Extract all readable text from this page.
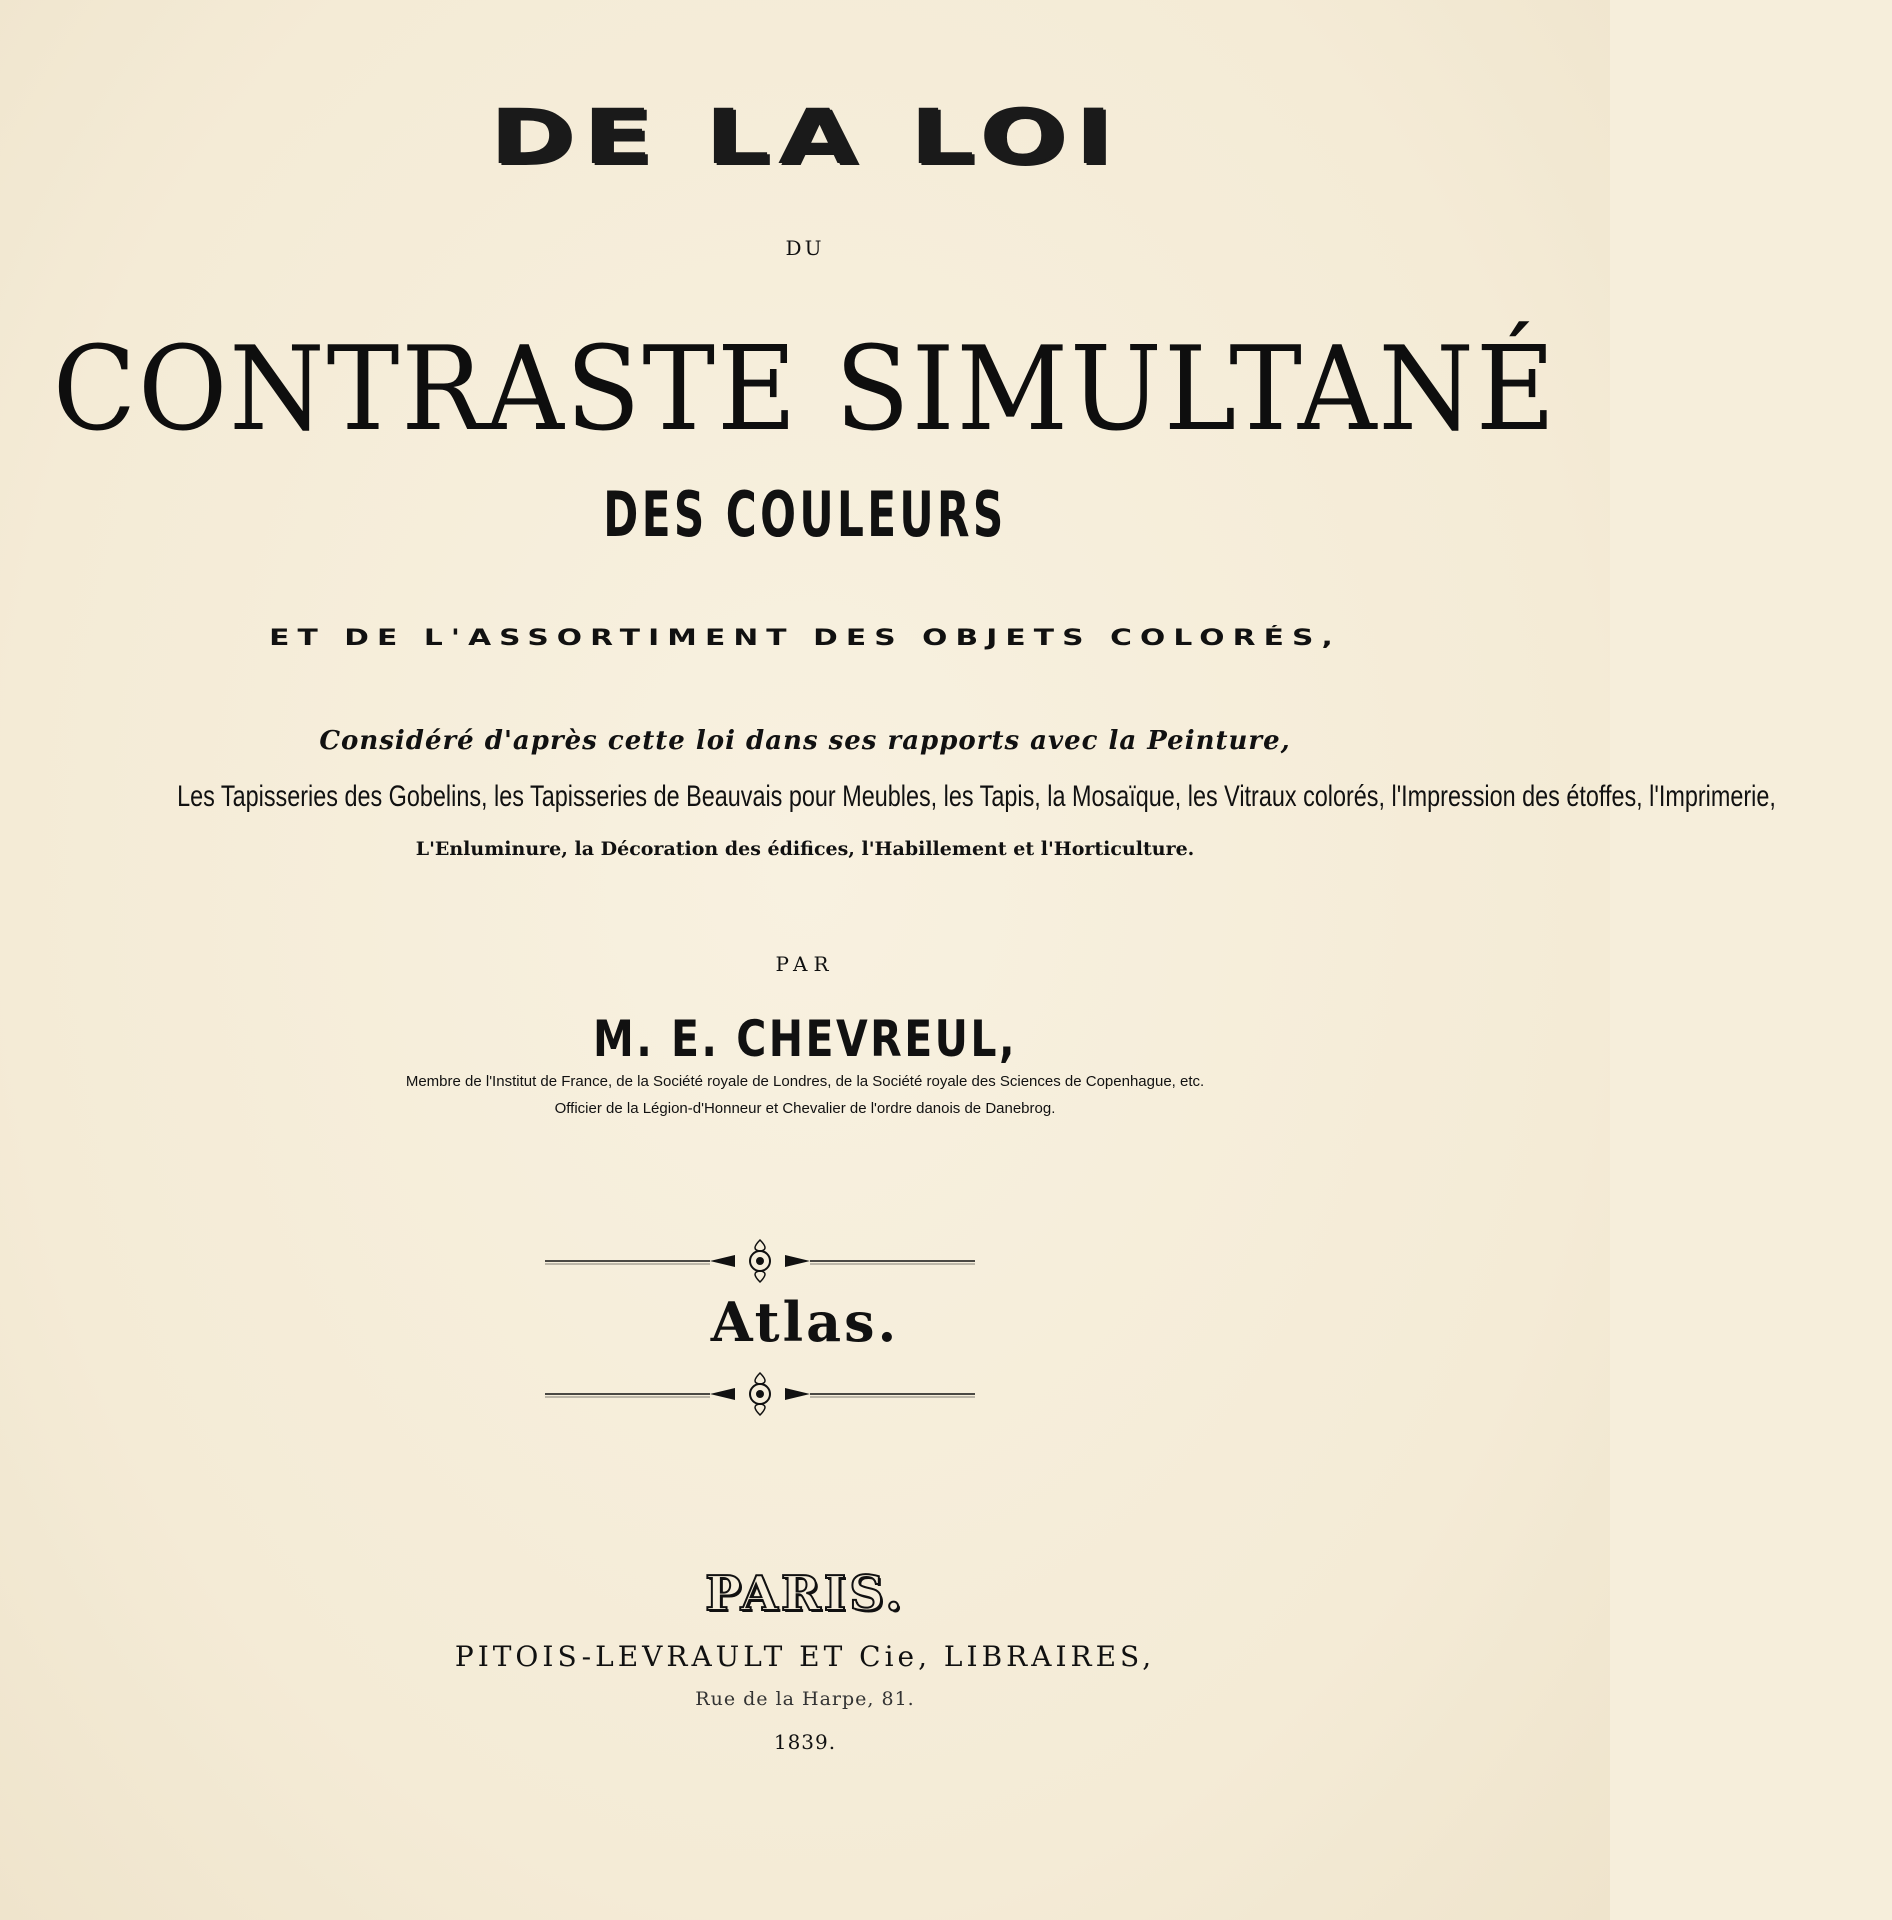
DE LA LOI
DU
CONTRASTE SIMULTANÉ
DES COULEURS
ET DE L'ASSORTIMENT DES OBJETS COLORÉS,
Considéré d'après cette loi dans ses rapports avec la Peinture,
Les Tapisseries des Gobelins, les Tapisseries de Beauvais pour Meubles, les Tapis, la Mosaïque, les Vitraux colorés, l'Impression des étoffes, l'Imprimerie,
L'Enluminure, la Décoration des édifices, l'Habillement et l'Horticulture.
PAR
M. E. CHEVREUL,
Membre de l'Institut de France, de la Société royale de Londres, de la Société royale des Sciences de Copenhague, etc.
Officier de la Légion-d'Honneur et Chevalier de l'ordre danois de Danebrog.
Atlas.
PARIS.
PITOIS-LEVRAULT ET Cie, LIBRAIRES,
Rue de la Harpe, 81.
1839.
